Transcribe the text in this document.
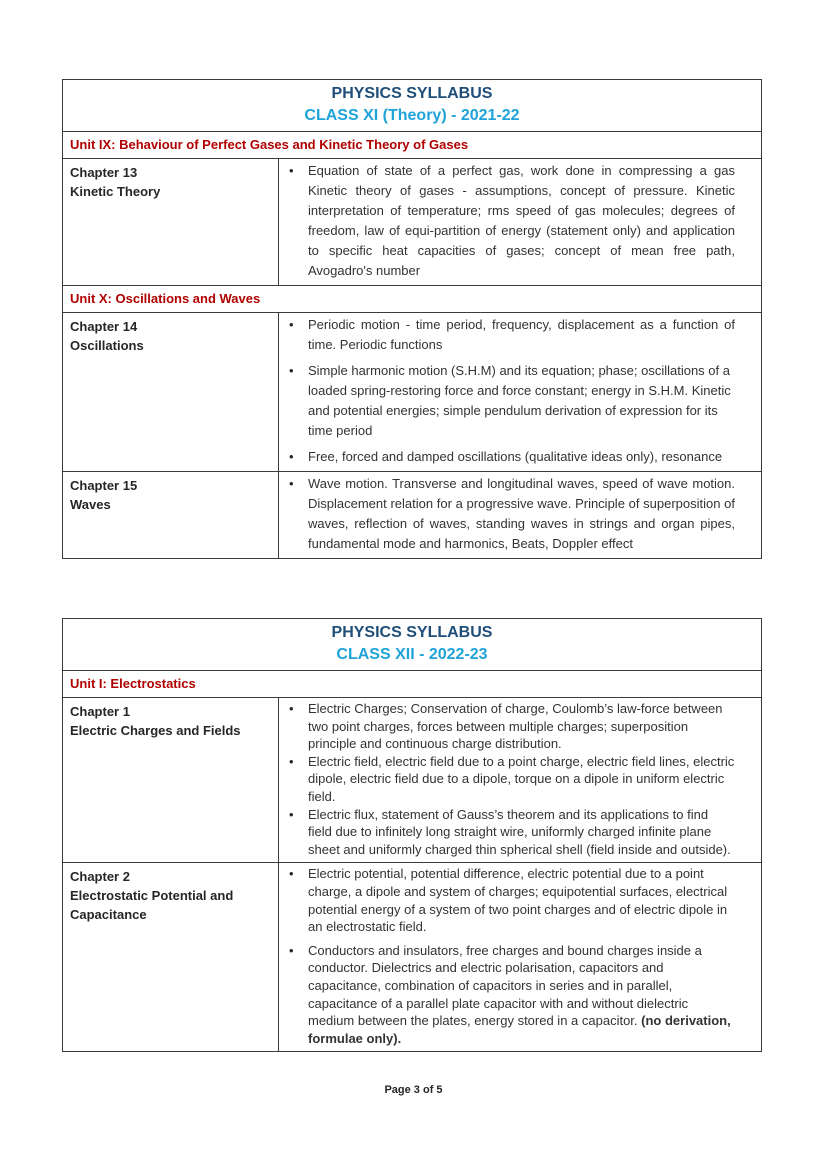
PHYSICS SYLLABUS
CLASS XI (Theory) - 2021-22
Unit IX: Behaviour of Perfect Gases and Kinetic Theory of Gases
Chapter 13
Kinetic Theory
• Equation of state of a perfect gas, work done in compressing a gas Kinetic theory of gases - assumptions, concept of pressure. Kinetic interpretation of temperature; rms speed of gas molecules; degrees of freedom, law of equi-partition of energy (statement only) and application to specific heat capacities of gases; concept of mean free path, Avogadro's number
Unit X: Oscillations and Waves
Chapter 14
Oscillations
• Periodic motion - time period, frequency, displacement as a function of time. Periodic functions
• Simple harmonic motion (S.H.M) and its equation; phase; oscillations of a loaded spring-restoring force and force constant; energy in S.H.M. Kinetic and potential energies; simple pendulum derivation of expression for its time period
• Free, forced and damped oscillations (qualitative ideas only), resonance
Chapter 15
Waves
• Wave motion. Transverse and longitudinal waves, speed of wave motion. Displacement relation for a progressive wave. Principle of superposition of waves, reflection of waves, standing waves in strings and organ pipes, fundamental mode and harmonics, Beats, Doppler effect
PHYSICS SYLLABUS
CLASS XII - 2022-23
Unit I: Electrostatics
Chapter 1
Electric Charges and Fields
• Electric Charges; Conservation of charge, Coulomb’s law-force between two point charges, forces between multiple charges; superposition principle and continuous charge distribution.
• Electric field, electric field due to a point charge, electric field lines, electric dipole, electric field due to a dipole, torque on a dipole in uniform electric field.
• Electric flux, statement of Gauss’s theorem and its applications to find field due to infinitely long straight wire, uniformly charged infinite plane sheet and uniformly charged thin spherical shell (field inside and outside).
Chapter 2
Electrostatic Potential and Capacitance
• Electric potential, potential difference, electric potential due to a point charge, a dipole and system of charges; equipotential surfaces, electrical potential energy of a system of two point charges and of electric dipole in an electrostatic field.
• Conductors and insulators, free charges and bound charges inside a conductor. Dielectrics and electric polarisation, capacitors and capacitance, combination of capacitors in series and in parallel, capacitance of a parallel plate capacitor with and without dielectric medium between the plates, energy stored in a capacitor. (no derivation, formulae only).
Page 3 of 5
